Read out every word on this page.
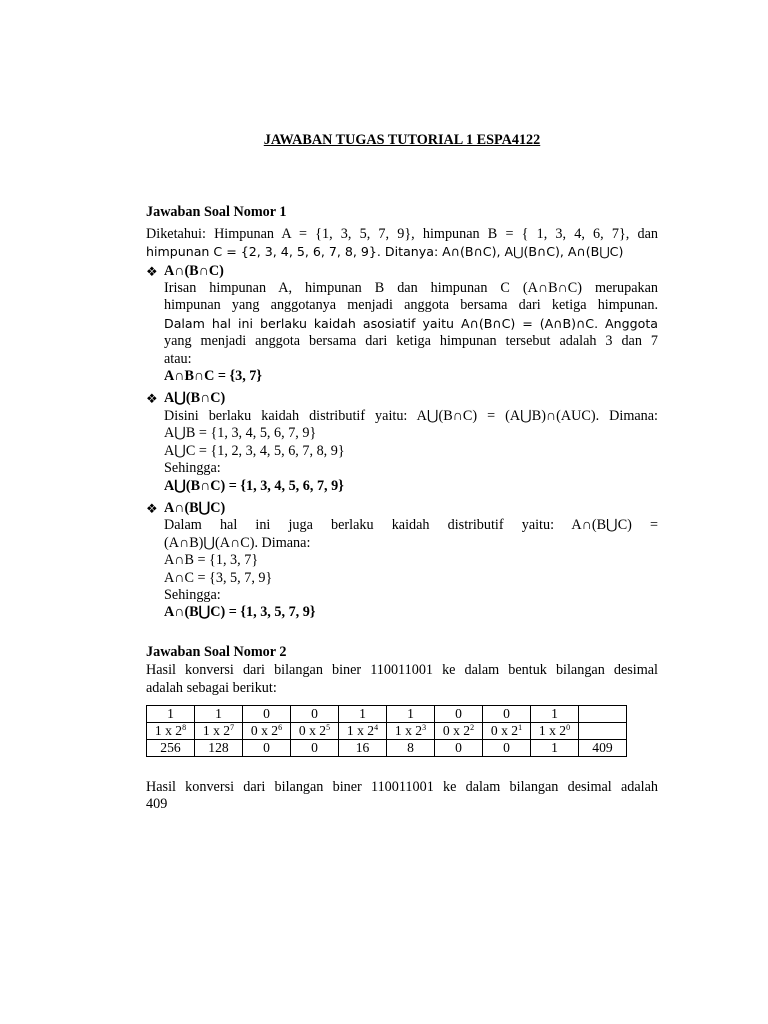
JAWABAN TUGAS TUTORIAL 1 ESPA4122
Jawaban Soal Nomor 1

Diketahui: Himpunan A = {1, 3, 5, 7, 9}, himpunan B = { 1, 3, 4, 6, 7}, dan

himpunan C = {2, 3, 4, 5, 6, 7, 8, 9}. Ditanya: A∩(B∩C), A⋃(B∩C), A∩(B⋃C)

❖ A∩(B∩C)

Irisan himpunan A, himpunan B dan himpunan C (A∩B∩C) merupakan

himpunan yang anggotanya menjadi anggota bersama dari ketiga himpunan.

Dalam hal ini berlaku kaidah asosiatif yaitu A∩(B∩C) = (A∩B)∩C. Anggota

yang menjadi anggota bersama dari ketiga himpunan tersebut adalah 3 dan 7

atau:

A∩B∩C = {3, 7}
❖ A⋃(B∩C)

Disini berlaku kaidah distributif yaitu: A⋃(B∩C) = (A⋃B)∩(AUC). Dimana:

A⋃B = {1, 3, 4, 5, 6, 7, 9}

A⋃C = {1, 2, 3, 4, 5, 6, 7, 8, 9}

Sehingga:

A⋃(B∩C) = {1, 3, 4, 5, 6, 7, 9}
❖ A∩(B⋃C)

Dalam hal ini juga berlaku kaidah distributif yaitu: A∩(B⋃C) =

(A∩B)⋃(A∩C). Dimana:

A∩B = {1, 3, 7}

A∩C = {3, 5, 7, 9}

Sehingga:

A∩(B⋃C) = {1, 3, 5, 7, 9}
Jawaban Soal Nomor 2

Hasil konversi dari bilangan biner 110011001 ke dalam bentuk bilangan desimal

adalah sebagai berikut:

1	1	0	0	1	1	0	0	1	
1 x $2^8$	1 x $2^7$	0 x $2^6$	0 x $2^5$	1 x $2^4$	1 x $2^3$	0 x $2^2$	0 x $2^1$	1 x $2^0$	
256	128	0	0	16	8	0	0	1	409

Hasil konversi dari bilangan biner 110011001 ke dalam bilangan desimal adalah

409
